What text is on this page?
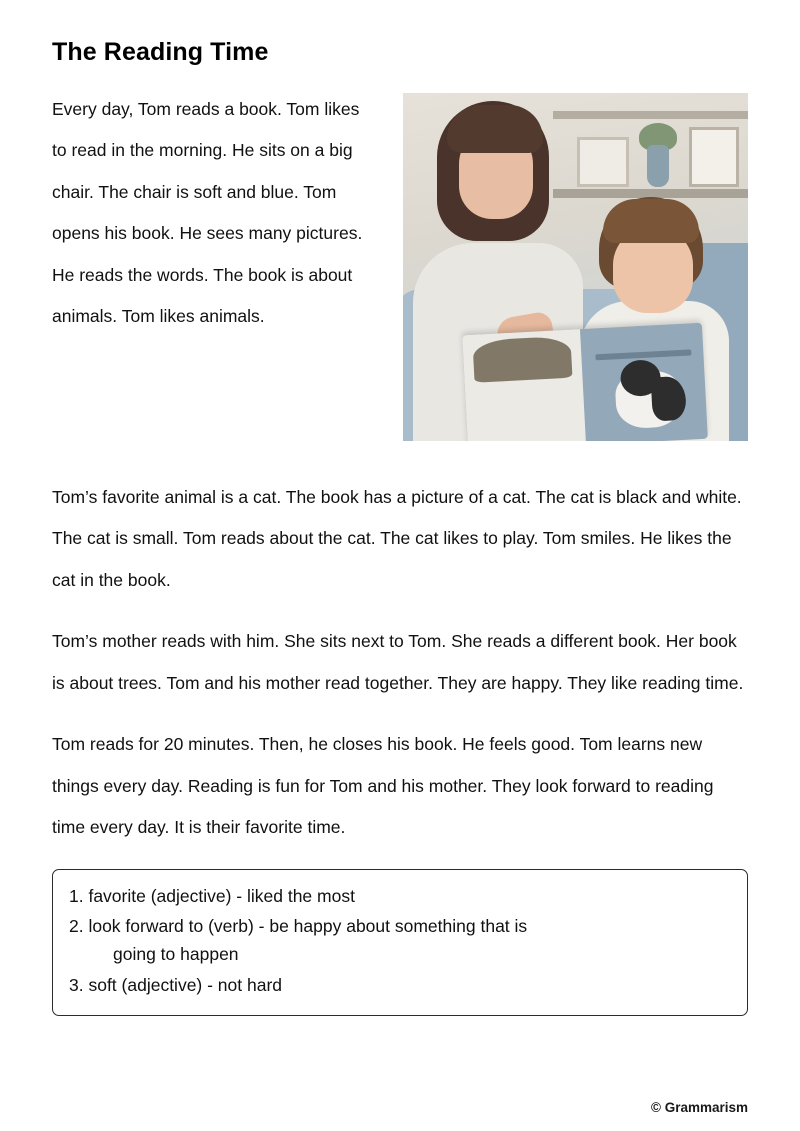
The Reading Time

Every day, Tom reads a book. Tom likes to read in the morning. He sits on a big chair. The chair is soft and blue. Tom opens his book. He sees many pictures. He reads the words. The book is about animals. Tom likes animals.

Tom’s favorite animal is a cat. The book has a picture of a cat. The cat is black and white. The cat is small. Tom reads about the cat. The cat likes to play. Tom smiles. He likes the cat in the book.

Tom’s mother reads with him. She sits next to Tom. She reads a different book. Her book is about trees. Tom and his mother read together. They are happy. They like reading time.

Tom reads for 20 minutes. Then, he closes his book. He feels good. Tom learns new things every day. Reading is fun for Tom and his mother. They look forward to reading time every day. It is their favorite time.

1. favorite (adjective) - liked the most
2. look forward to (verb) - be happy about something that is
going to happen
3. soft (adjective) - not hard
© Grammarism
